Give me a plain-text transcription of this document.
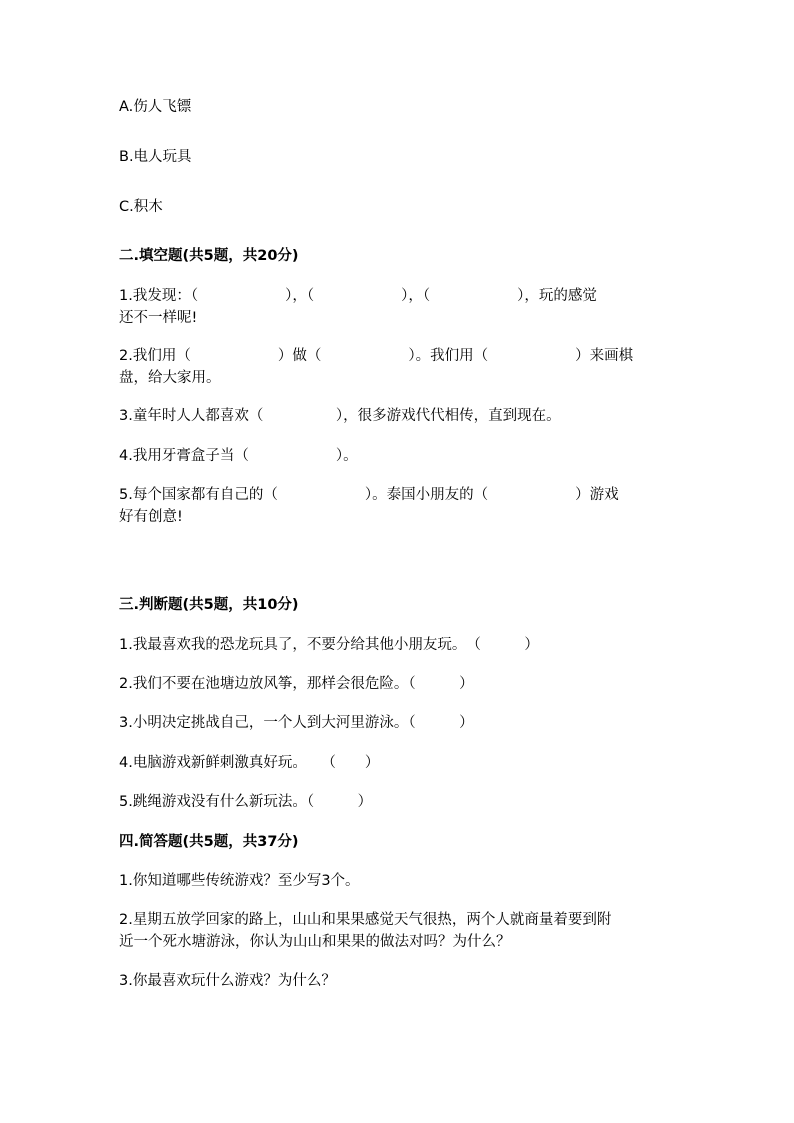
A.伤人飞镖

B.电人玩具

C.积木

二.填空题(共5题，共20分)

1.我发现：（　　　　　　），（　　　　　　），（　　　　　　），玩的感觉

还不一样呢!

2.我们用（　　　　　　）做（　　　　　　）。我们用（　　　　　　）来画棋

盘，给大家用。

3.童年时人人都喜欢（　　　　　），很多游戏代代相传，直到现在。

4.我用牙膏盒子当（　　　　　　）。

5.每个国家都有自己的（　　　　　　）。泰国小朋友的（　　　　　　）游戏

好有创意!

三.判断题(共5题，共10分)

1.我最喜欢我的恐龙玩具了，不要分给其他小朋友玩。　（　　　）

2.我们不要在池塘边放风筝，那样会很危险。（　　　）

3.小明决定挑战自己，一个人到大河里游泳。（　　　）

4.电脑游戏新鲜刺激真好玩。　　（　　）

5.跳绳游戏没有什么新玩法。（　　　）

四.简答题(共5题，共37分)

1.你知道哪些传统游戏？至少写3个。

2.星期五放学回家的路上，山山和果果感觉天气很热，两个人就商量着要到附

近一个死水塘游泳，你认为山山和果果的做法对吗？为什么？

3.你最喜欢玩什么游戏？为什么？
